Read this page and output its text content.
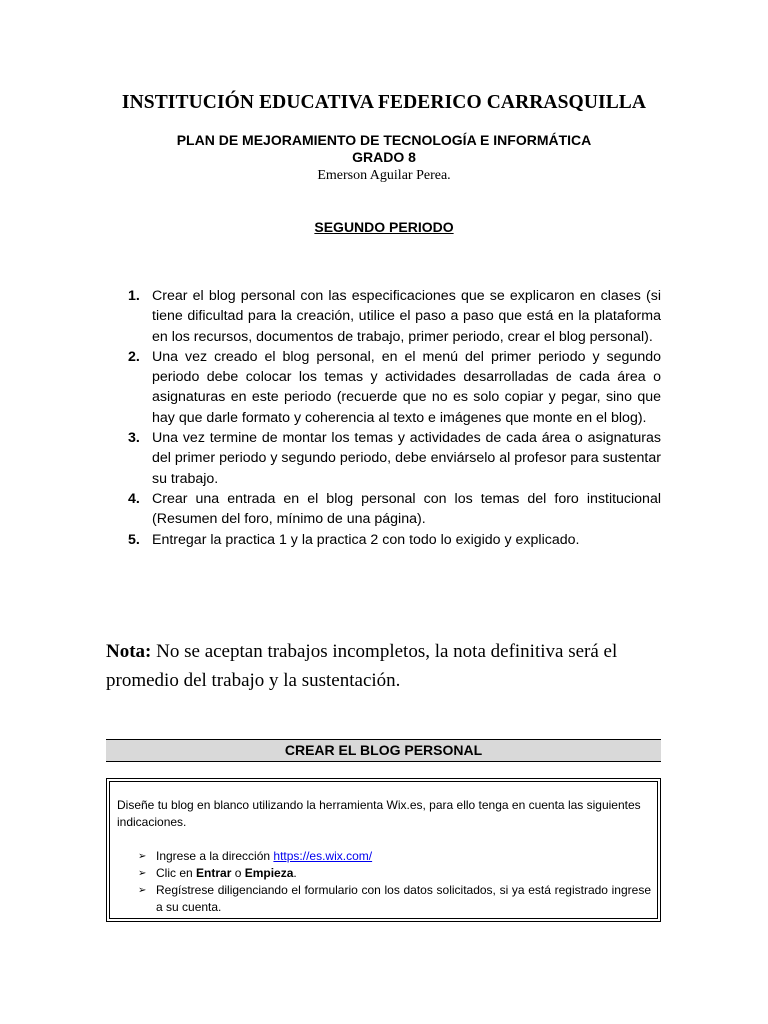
INSTITUCIÓN EDUCATIVA FEDERICO CARRASQUILLA
PLAN DE MEJORAMIENTO DE TECNOLOGÍA E INFORMÁTICA
GRADO 8
Emerson Aguilar Perea.
SEGUNDO PERIODO
1. Crear el blog personal con las especificaciones que se explicaron en clases (si tiene dificultad para la creación, utilice el paso a paso que está en la plataforma en los recursos, documentos de trabajo, primer periodo, crear el blog personal).
2. Una vez creado el blog personal, en el menú del primer periodo y segundo periodo debe colocar los temas y actividades desarrolladas de cada área o asignaturas en este periodo (recuerde que no es solo copiar y pegar, sino que hay que darle formato y coherencia al texto e imágenes que monte en el blog).
3. Una vez termine de montar los temas y actividades de cada área o asignaturas del primer periodo y segundo periodo, debe enviárselo al profesor para sustentar su trabajo.
4. Crear una entrada en el blog personal con los temas del foro institucional (Resumen del foro, mínimo de una página).
5. Entregar la practica 1 y la practica 2 con todo lo exigido y explicado.
Nota: No se aceptan trabajos incompletos, la nota definitiva será el promedio del trabajo y la sustentación.
CREAR EL BLOG PERSONAL

Diseñe tu blog en blanco utilizando la herramienta Wix.es, para ello tenga en cuenta las siguientes indicaciones.

➢ Ingrese a la dirección https://es.wix.com/
➢ Clic en Entrar o Empieza.
➢ Regístrese diligenciando el formulario con los datos solicitados, si ya está registrado ingrese a su cuenta.
